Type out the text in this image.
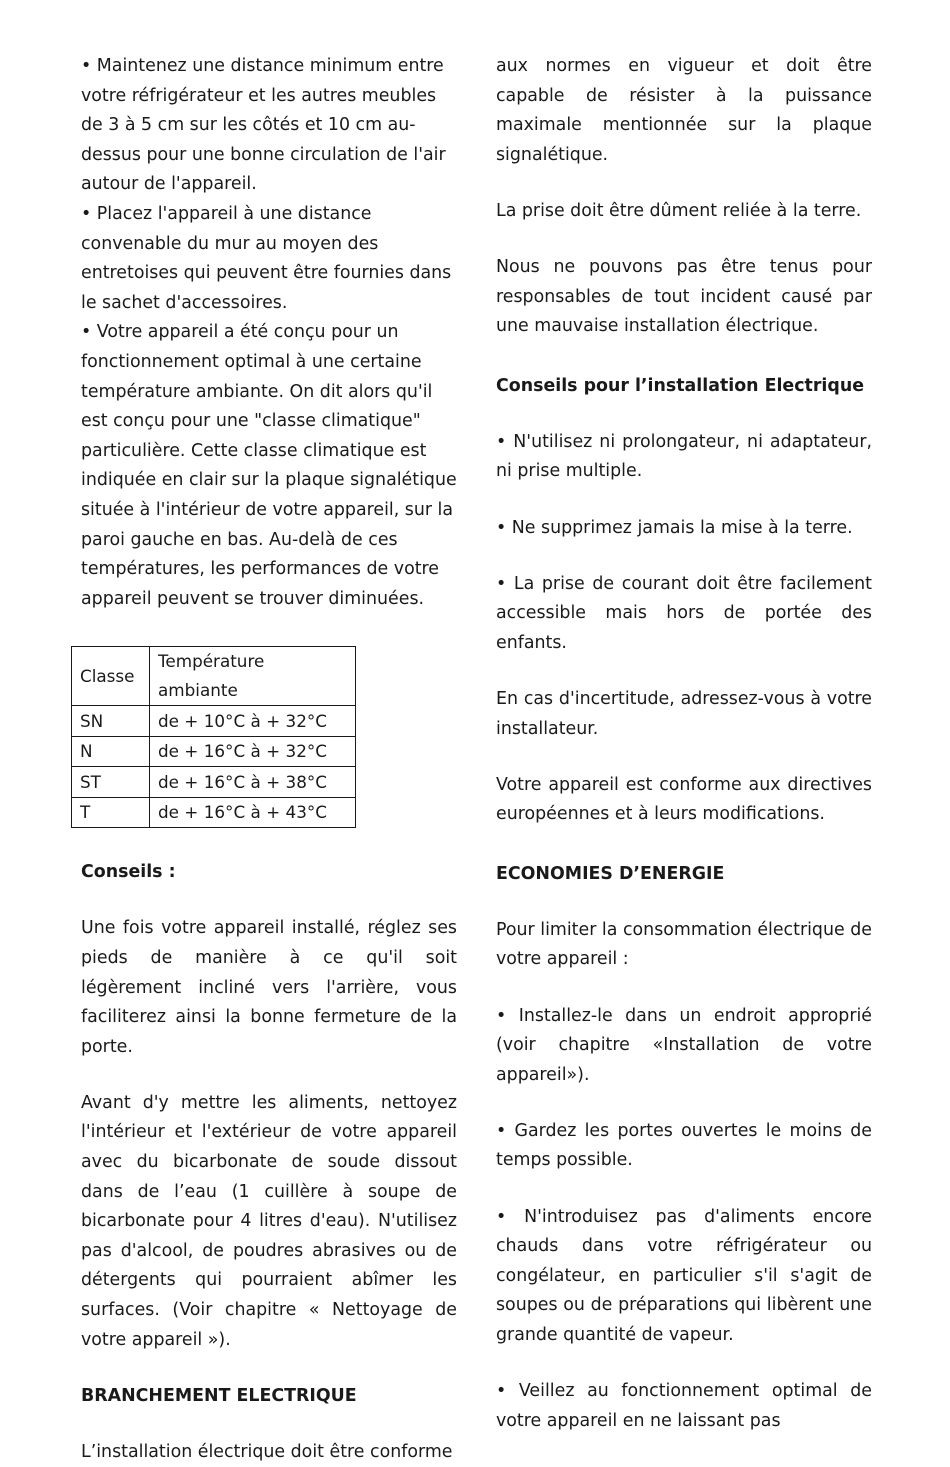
• Maintenez une distance minimum entre votre réfrigérateur et les autres meubles de 3 à 5 cm sur les côtés et 10 cm au-dessus pour une bonne circulation de l'air autour de l'appareil.

• Placez l'appareil à une distance convenable du mur au moyen des entretoises qui peuvent être fournies dans le sachet d'accessoires.

• Votre appareil a été conçu pour un fonctionnement optimal à une certaine température ambiante. On dit alors qu'il est conçu pour une "classe climatique" particulière. Cette classe climatique est indiquée en clair sur la plaque signalétique située à l'intérieur de votre appareil, sur la paroi gauche en bas. Au-delà de ces températures, les performances de votre appareil peuvent se trouver diminuées.

Classe	Température ambiante
SN	de + 10°C à + 32°C
N	de + 16°C à + 32°C
ST	de + 16°C à + 38°C
T	de + 16°C à + 43°C

Conseils :

Une fois votre appareil installé, réglez ses pieds de manière à ce qu'il soit légèrement incliné vers l'arrière, vous faciliterez ainsi la bonne fermeture de la porte.

Avant d'y mettre les aliments, nettoyez l'intérieur et l'extérieur de votre appareil avec du bicarbonate de soude dissout dans de l’eau (1 cuillère à soupe de bicarbonate pour 4 litres d'eau). N'utilisez pas d'alcool, de poudres abrasives ou de détergents qui pourraient abîmer les surfaces. (Voir chapitre « Nettoyage de votre appareil »).

BRANCHEMENT ELECTRIQUE

L’installation électrique doit être conforme

aux normes en vigueur et doit être capable de résister à la puissance maximale mentionnée sur la plaque signalétique.

La prise doit être dûment reliée à la terre.

Nous ne pouvons pas être tenus pour responsables de tout incident causé par une mauvaise installation électrique.

Conseils pour l’installation Electrique

• N'utilisez ni prolongateur, ni adaptateur, ni prise multiple.

• Ne supprimez jamais la mise à la terre.

• La prise de courant doit être facilement accessible mais hors de portée des enfants.

En cas d'incertitude, adressez-vous à votre installateur.

Votre appareil est conforme aux directives européennes et à leurs modifications.

ECONOMIES D’ENERGIE

Pour limiter la consommation électrique de votre appareil :

• Installez-le dans un endroit approprié (voir chapitre «Installation de votre appareil»).

• Gardez les portes ouvertes le moins de temps possible.

• N'introduisez pas d'aliments encore chauds dans votre réfrigérateur ou congélateur, en particulier s'il s'agit de soupes ou de préparations qui libèrent une grande quantité de vapeur.

• Veillez au fonctionnement optimal de votre appareil en ne laissant pas
